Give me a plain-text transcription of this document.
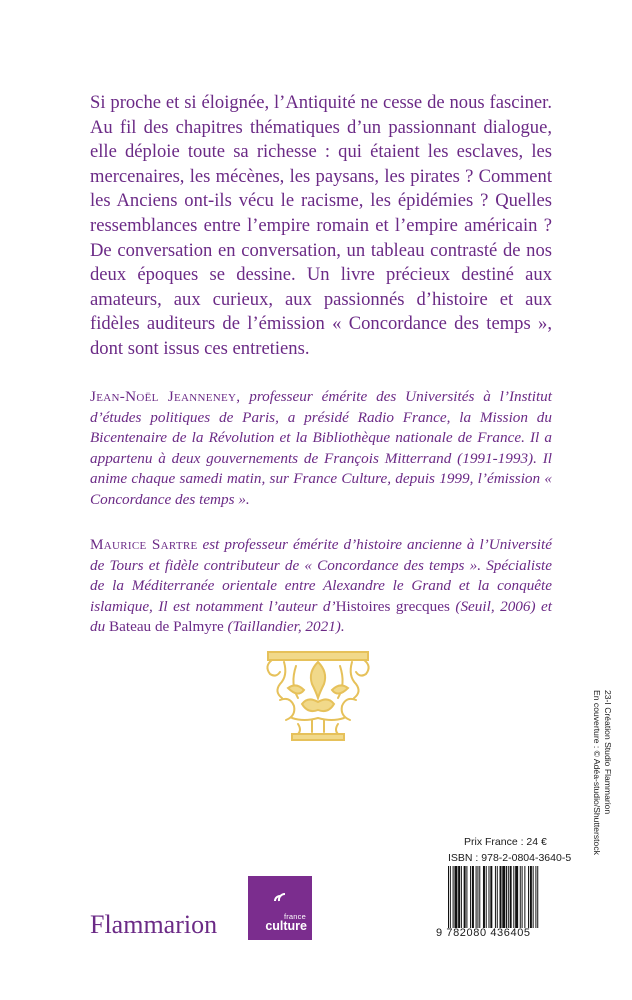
Si proche et si éloignée, l’Antiquité ne cesse de nous fasciner. Au fil des chapitres thématiques d’un passionnant dialogue, elle déploie toute sa richesse : qui étaient les esclaves, les mercenaires, les mécènes, les paysans, les pirates ? Comment les Anciens ont-ils vécu le racisme, les épidémies ? Quelles ressemblances entre l’empire romain et l’empire américain ? De conversation en conversation, un tableau contrasté de nos deux époques se dessine. Un livre précieux destiné aux amateurs, aux curieux, aux passionnés d’histoire et aux fidèles auditeurs de l’émission « Concordance des temps », dont sont issus ces entretiens.

Jean-Noël Jeanneney, professeur émérite des Universités à l’Institut d’études politiques de Paris, a présidé Radio France, la Mission du Bicentenaire de la Révolution et la Bibliothèque nationale de France. Il a appartenu à deux gouvernements de François Mitterrand (1991-1993). Il anime chaque samedi matin, sur France Culture, depuis 1999, l’émission « Concordance des temps ».

Maurice Sartre est professeur émérite d’histoire ancienne à l’Université de Tours et fidèle contributeur de « Concordance des temps ». Spécialiste de la Méditerranée orientale entre Alexandre le Grand et la conquête islamique, Il est notamment l’auteur d’Histoires grecques (Seuil, 2006) et du Bateau de Palmyre (Taillandier, 2021).

Flammarion	france
culture
Prix France : 24 €
ISBN : 978-2-0804-3640-5
9 782080 436405
23-I Création Studio Flammarion
En couverture : © Adéa-studio/Shutterstock
